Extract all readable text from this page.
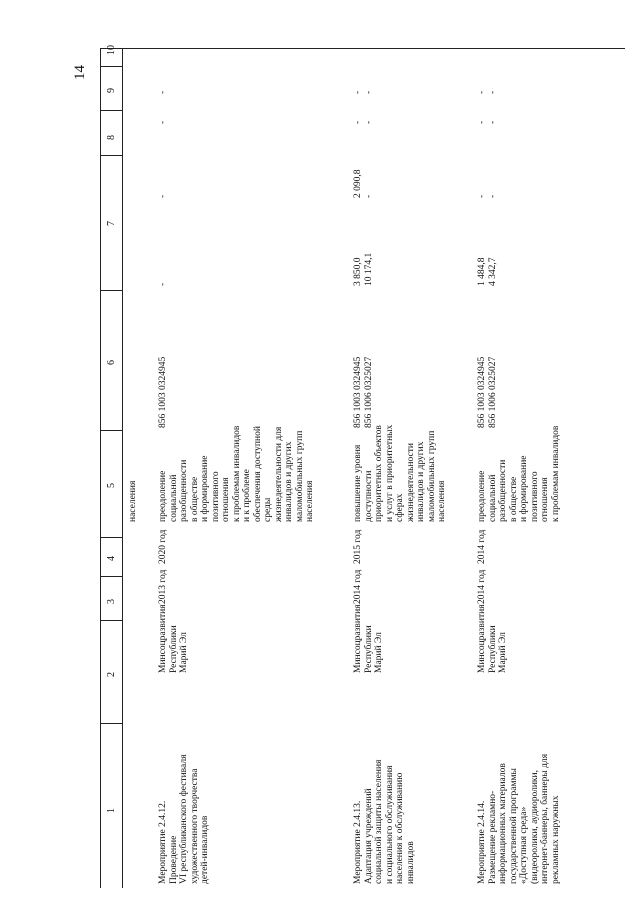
14
1
2
3
4
5
6
7
8
9
10
Мероприятие 2.4.12. Проведение VI республиканского фестиваля художественного творчества детей-инвалидов
Минсоцразвития Республики Марий Эл
2013 год
2020 год
преодоление социальной разобщенности в обществе и формирование позитивного отношения к проблемам инвалидов и к проблеме обеспечения доступной среды жизнедеятельности для инвалидов и других маломобильных групп населения
856 1003 0324945
-
-
-
-
населения
Мероприятие 2.4.13. Адаптация учреждений социальной защиты населения и социального обслуживания населения к обслуживанию инвалидов
Минсоцразвития Республики Марий Эл
2014 год
2015 год
повышение уровня доступности приоритетных объектов и услуг в приоритетных сферах жизнедеятельности инвалидов и других маломобильных групп населения
856 1003 0324945 856 1006 0325027
3 850,0 10 174,1
2 090,8 -
- -
- -
Мероприятие 2.4.14. Размещение рекламно- информационных материалов государственной программы «Доступная среда» (видеоролики, аудиоролики, интернет-баннеры, баннеры для рекламных наружных
Минсоцразвития Республики Марий Эл
2014 год
2014 год
преодоление социальной разобщенности в обществе и формирование позитивного отношения к проблемам инвалидов
856 1003 0324945 856 1006 0325027
1 484,8 4 342,7
- -
- -
- -
